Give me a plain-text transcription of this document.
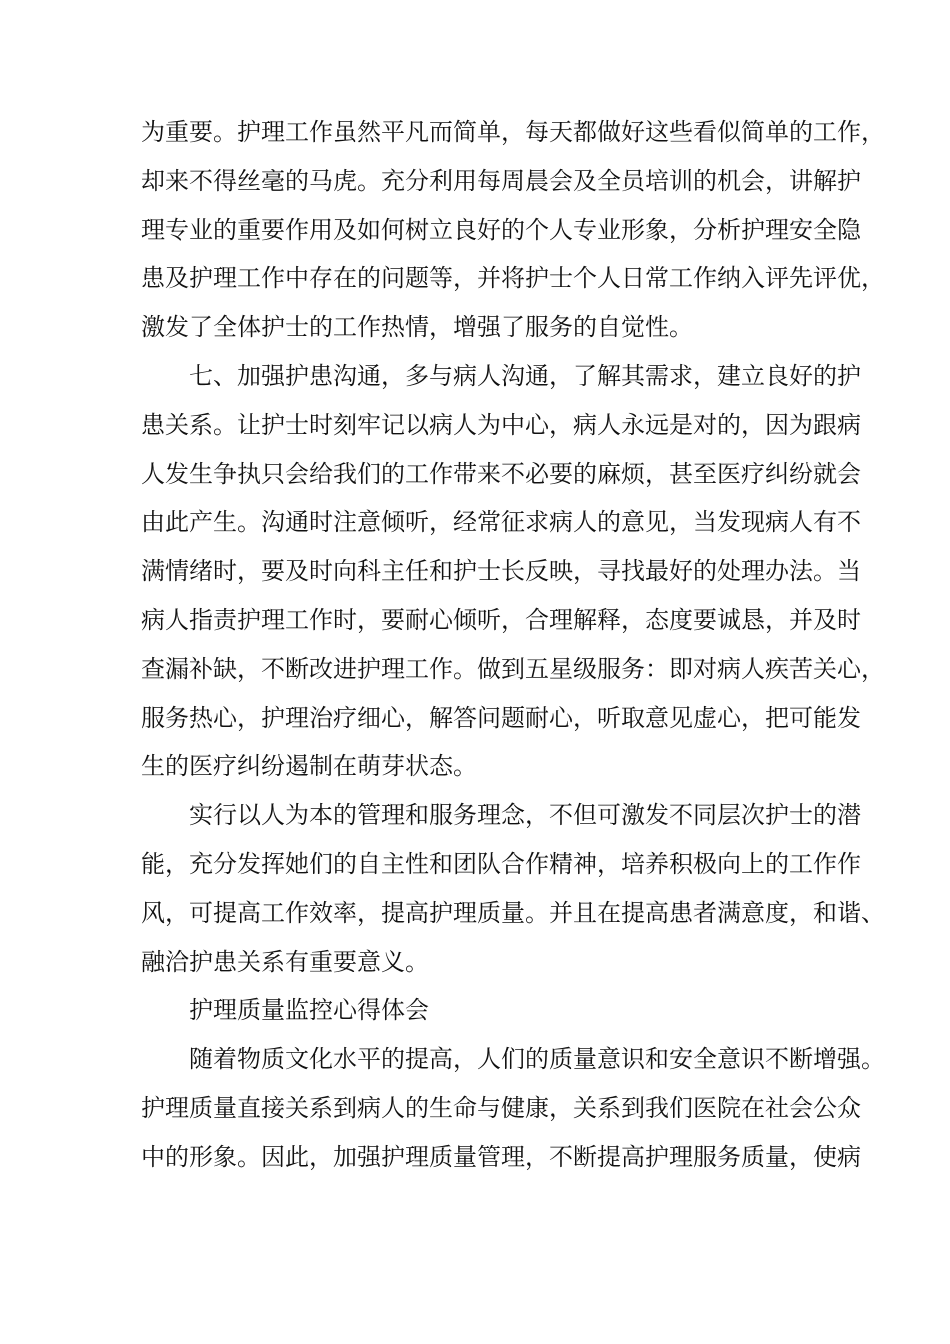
为重要。护理工作虽然平凡而简单，每天都做好这些看似简单的工作，
却来不得丝毫的马虎。充分利用每周晨会及全员培训的机会，讲解护
理专业的重要作用及如何树立良好的个人专业形象，分析护理安全隐
患及护理工作中存在的问题等，并将护士个人日常工作纳入评先评优，
激发了全体护士的工作热情，增强了服务的自觉性。
七、加强护患沟通，多与病人沟通，了解其需求，建立良好的护
患关系。让护士时刻牢记以病人为中心，病人永远是对的，因为跟病
人发生争执只会给我们的工作带来不必要的麻烦，甚至医疗纠纷就会
由此产生。沟通时注意倾听，经常征求病人的意见，当发现病人有不
满情绪时，要及时向科主任和护士长反映，寻找最好的处理办法。当
病人指责护理工作时，要耐心倾听，合理解释，态度要诚恳，并及时
查漏补缺，不断改进护理工作。做到五星级服务：即对病人疾苦关心，
服务热心，护理治疗细心，解答问题耐心，听取意见虚心，把可能发
生的医疗纠纷遏制在萌芽状态。
实行以人为本的管理和服务理念，不但可激发不同层次护士的潜
能，充分发挥她们的自主性和团队合作精神，培养积极向上的工作作
风，可提高工作效率，提高护理质量。并且在提高患者满意度，和谐、
融洽护患关系有重要意义。
护理质量监控心得体会
随着物质文化水平的提高，人们的质量意识和安全意识不断增强。
护理质量直接关系到病人的生命与健康，关系到我们医院在社会公众
中的形象。因此，加强护理质量管理，不断提高护理服务质量，使病
